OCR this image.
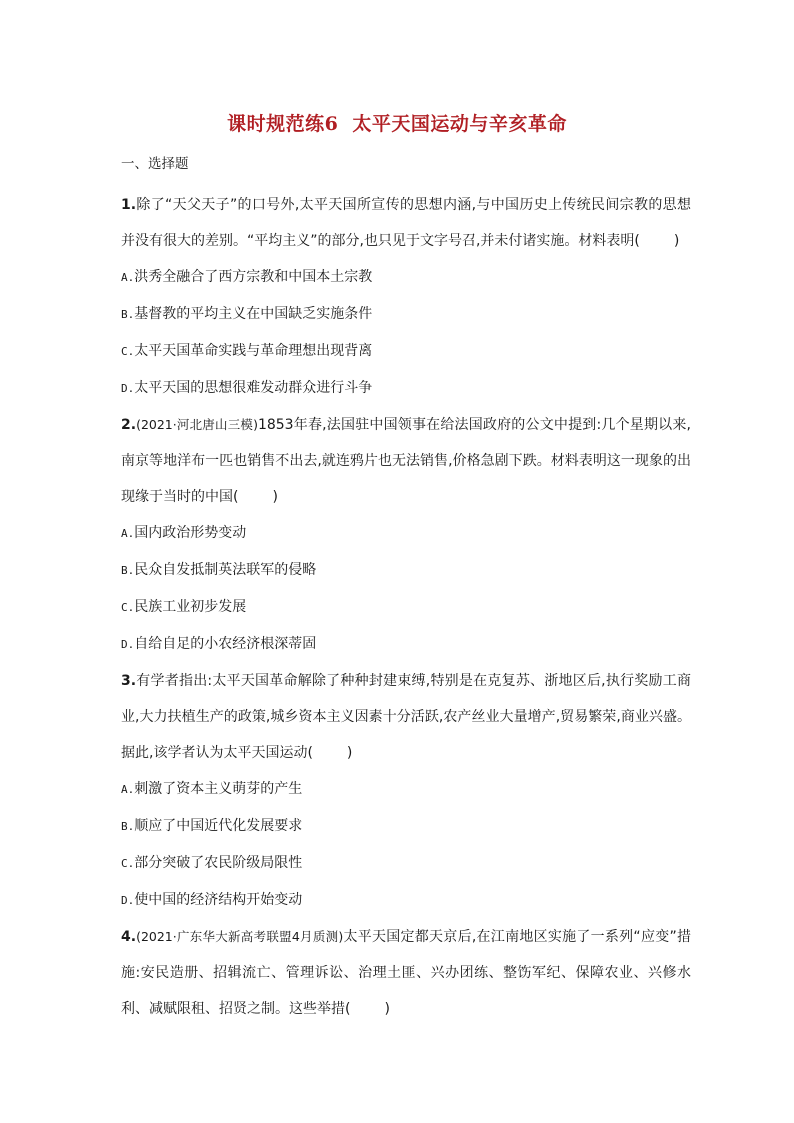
课时规范练6 太平天国运动与辛亥革命
一、选择题

1.除了“天父天子”的口号外,太平天国所宣传的思想内涵,与中国历史上传统民间宗教的思想并没有很大的差别。“平均主义”的部分,也只见于文字号召,并未付诸实施。材料表明( )

A.洪秀全融合了西方宗教和中国本土宗教

B.基督教的平均主义在中国缺乏实施条件

C.太平天国革命实践与革命理想出现背离

D.太平天国的思想很难发动群众进行斗争

2.(2021·河北唐山三模)1853年春,法国驻中国领事在给法国政府的公文中提到:几个星期以来,南京等地洋布一匹也销售不出去,就连鸦片也无法销售,价格急剧下跌。材料表明这一现象的出现缘于当时的中国( )

A.国内政治形势变动

B.民众自发抵制英法联军的侵略

C.民族工业初步发展

D.自给自足的小农经济根深蒂固

3.有学者指出:太平天国革命解除了种种封建束缚,特别是在克复苏、浙地区后,执行奖励工商业,大力扶植生产的政策,城乡资本主义因素十分活跃,农产丝业大量增产,贸易繁荣,商业兴盛。据此,该学者认为太平天国运动( )

A.刺激了资本主义萌芽的产生

B.顺应了中国近代化发展要求

C.部分突破了农民阶级局限性

D.使中国的经济结构开始变动

4.(2021·广东华大新高考联盟4月质测)太平天国定都天京后,在江南地区实施了一系列“应变”措施:安民造册、招辑流亡、管理诉讼、治理土匪、兴办团练、整饬军纪、保障农业、兴修水利、减赋限租、招贤之制。这些举措( )
